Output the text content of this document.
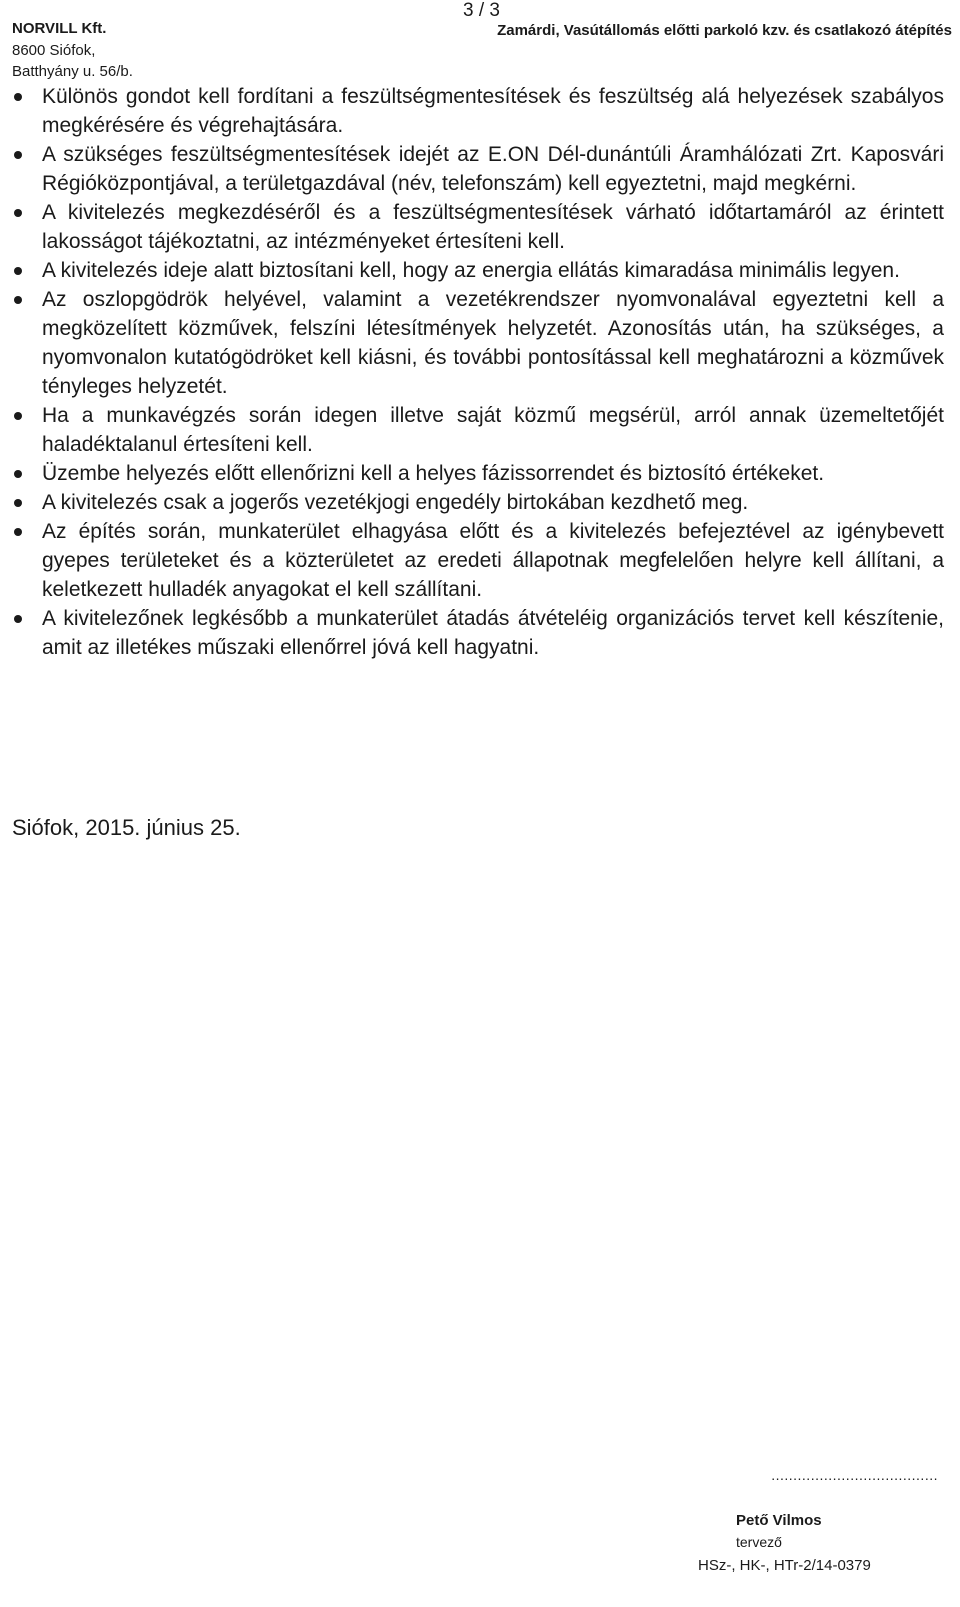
3 / 3
NORVILL Kft.
8600 Siófok,
Batthyány u. 56/b.
Zamárdi, Vasútállomás előtti parkoló kzv. és csatlakozó átépítés
Különös gondot kell fordítani a feszültségmentesítések és feszültség alá helyezések szabályos megkérésére és végrehajtására.
A szükséges feszültségmentesítések idejét az E.ON Dél-dunántúli Áramhálózati Zrt. Kaposvári Régióközpontjával, a területgazdával (név, telefonszám) kell egyeztetni, majd megkérni.
A kivitelezés megkezdéséről és a feszültségmentesítések várható időtartamáról az érintett lakosságot tájékoztatni, az intézményeket értesíteni kell.
A kivitelezés ideje alatt biztosítani kell, hogy az energia ellátás kimaradása minimális legyen.
Az oszlopgödrök helyével, valamint a vezetékrendszer nyomvonalával egyeztetni kell a megközelített közművek, felszíni létesítmények helyzetét. Azonosítás után, ha szükséges, a nyomvonalon kutatógödröket kell kiásni, és további pontosítással kell meghatározni a közművek tényleges helyzetét.
Ha a munkavégzés során idegen illetve saját közmű megsérül, arról annak üzemeltetőjét haladéktalanul értesíteni kell.
Üzembe helyezés előtt ellenőrizni kell a helyes fázissorrendet és biztosító értékeket.
A kivitelezés csak a jogerős vezetékjogi engedély birtokában kezdhető meg.
Az építés során, munkaterület elhagyása előtt és a kivitelezés befejeztével az igénybevett gyepes területeket és a közterületet az eredeti állapotnak megfelelően helyre kell állítani, a keletkezett hulladék anyagokat el kell szállítani.
A kivitelezőnek legkésőbb a munkaterület átadás átvételéig organizációs tervet kell készítenie, amit az illetékes műszaki ellenőrrel jóvá kell hagyatni.
Siófok, 2015. június 25.
......................................
Pető Vilmos
tervező
HSz-, HK-, HTr-2/14-0379
